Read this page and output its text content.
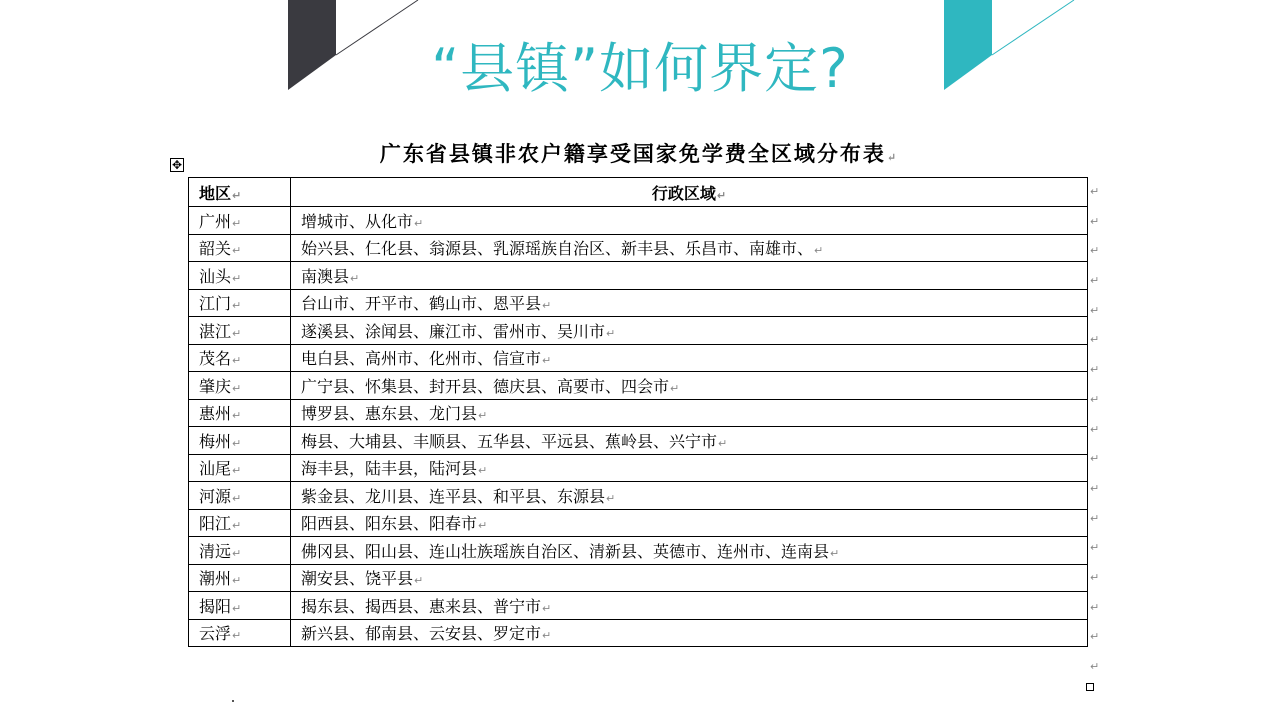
“县镇”如何界定?
广东省县镇非农户籍享受国家免学费全区域分布表↵
✥
地区↵	行政区域↵
广州↵	增城市、从化市↵
韶关↵	始兴县、仁化县、翁源县、乳源瑶族自治区、新丰县、乐昌市、南雄市、↵
汕头↵	南澳县↵
江门↵	台山市、开平市、鹤山市、恩平县↵
湛江↵	遂溪县、涂闻县、廉江市、雷州市、吴川市↵
茂名↵	电白县、高州市、化州市、信宣市↵
肇庆↵	广宁县、怀集县、封开县、德庆县、高要市、四会市↵
惠州↵	博罗县、惠东县、龙门县↵
梅州↵	梅县、大埔县、丰顺县、五华县、平远县、蕉岭县、兴宁市↵
汕尾↵	海丰县，陆丰县，陆河县↵
河源↵	紫金县、龙川县、连平县、和平县、东源县↵
阳江↵	阳西县、阳东县、阳春市↵
清远↵	佛冈县、阳山县、连山壮族瑶族自治区、清新县、英德市、连州市、连南县↵
潮州↵	潮安县、饶平县↵
揭阳↵	揭东县、揭西县、惠来县、普宁市↵
云浮↵	新兴县、郁南县、云安县、罗定市↵
↵
↵
↵
↵
↵
↵
↵
↵
↵
↵
↵
↵
↵
↵
↵
↵
↵
